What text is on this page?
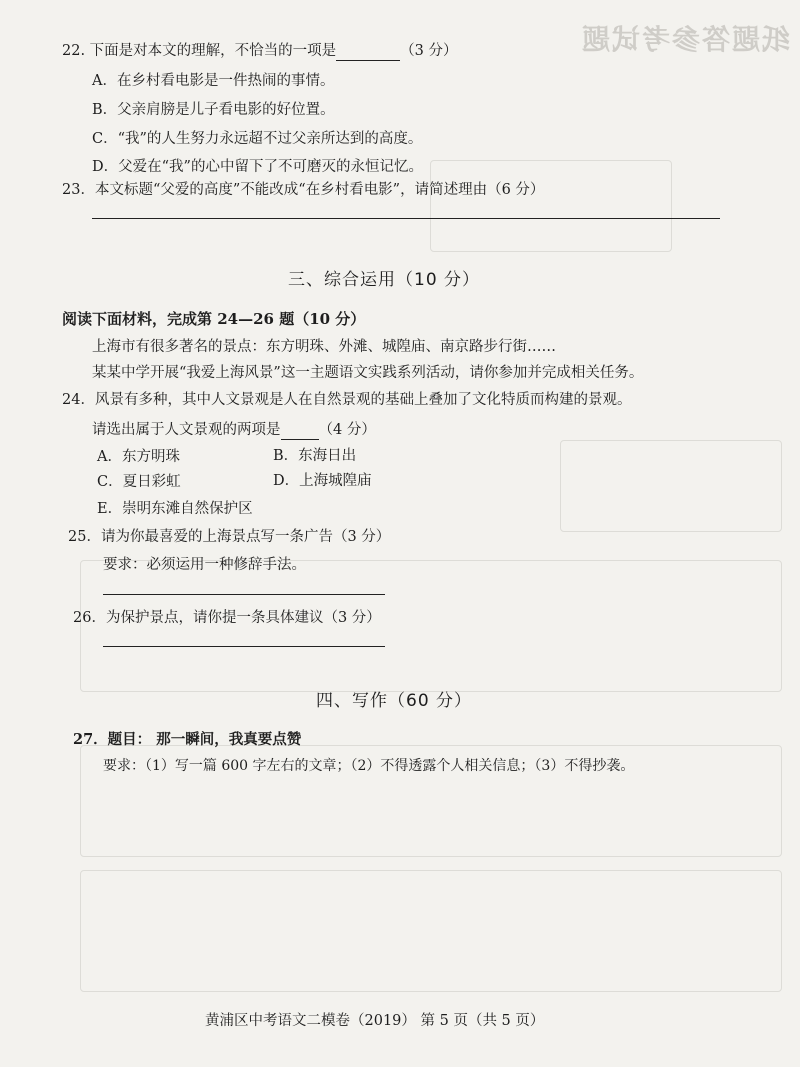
纸题答参考试题
22. 下面是对本文的理解，不恰当的一项是	（3 分）
A．在乡村看电影是一件热闹的事情。
B．父亲肩膀是儿子看电影的好位置。
C．“我”的人生努力永远超不过父亲所达到的高度。
D．父爱在“我”的心中留下了不可磨灭的永恒记忆。
23．本文标题“父爱的高度”不能改成“在乡村看电影”，请简述理由（6 分）
三、综合运用（10 分）
阅读下面材料，完成第 24—26 题（10 分）
上海市有很多著名的景点：东方明珠、外滩、城隍庙、南京路步行街……
某某中学开展“我爱上海风景”这一主题语文实践系列活动，请你参加并完成相关任务。
24．风景有多种，其中人文景观是人在自然景观的基础上叠加了文化特质而构建的景观。
请选出属于人文景观的两项是	（4 分）
A．东方明珠	B．东海日出
C．夏日彩虹	D．上海城隍庙
E．崇明东滩自然保护区
25．请为你最喜爱的上海景点写一条广告（3 分）
要求：必须运用一种修辞手法。
26．为保护景点，请你提一条具体建议（3 分）
四、写作（60 分）
27．题目： 那一瞬间，我真要点赞
要求：（1）写一篇 600 字左右的文章；（2）不得透露个人相关信息；（3）不得抄袭。
黄浦区中考语文二模卷（2019） 第 5 页（共 5 页）
